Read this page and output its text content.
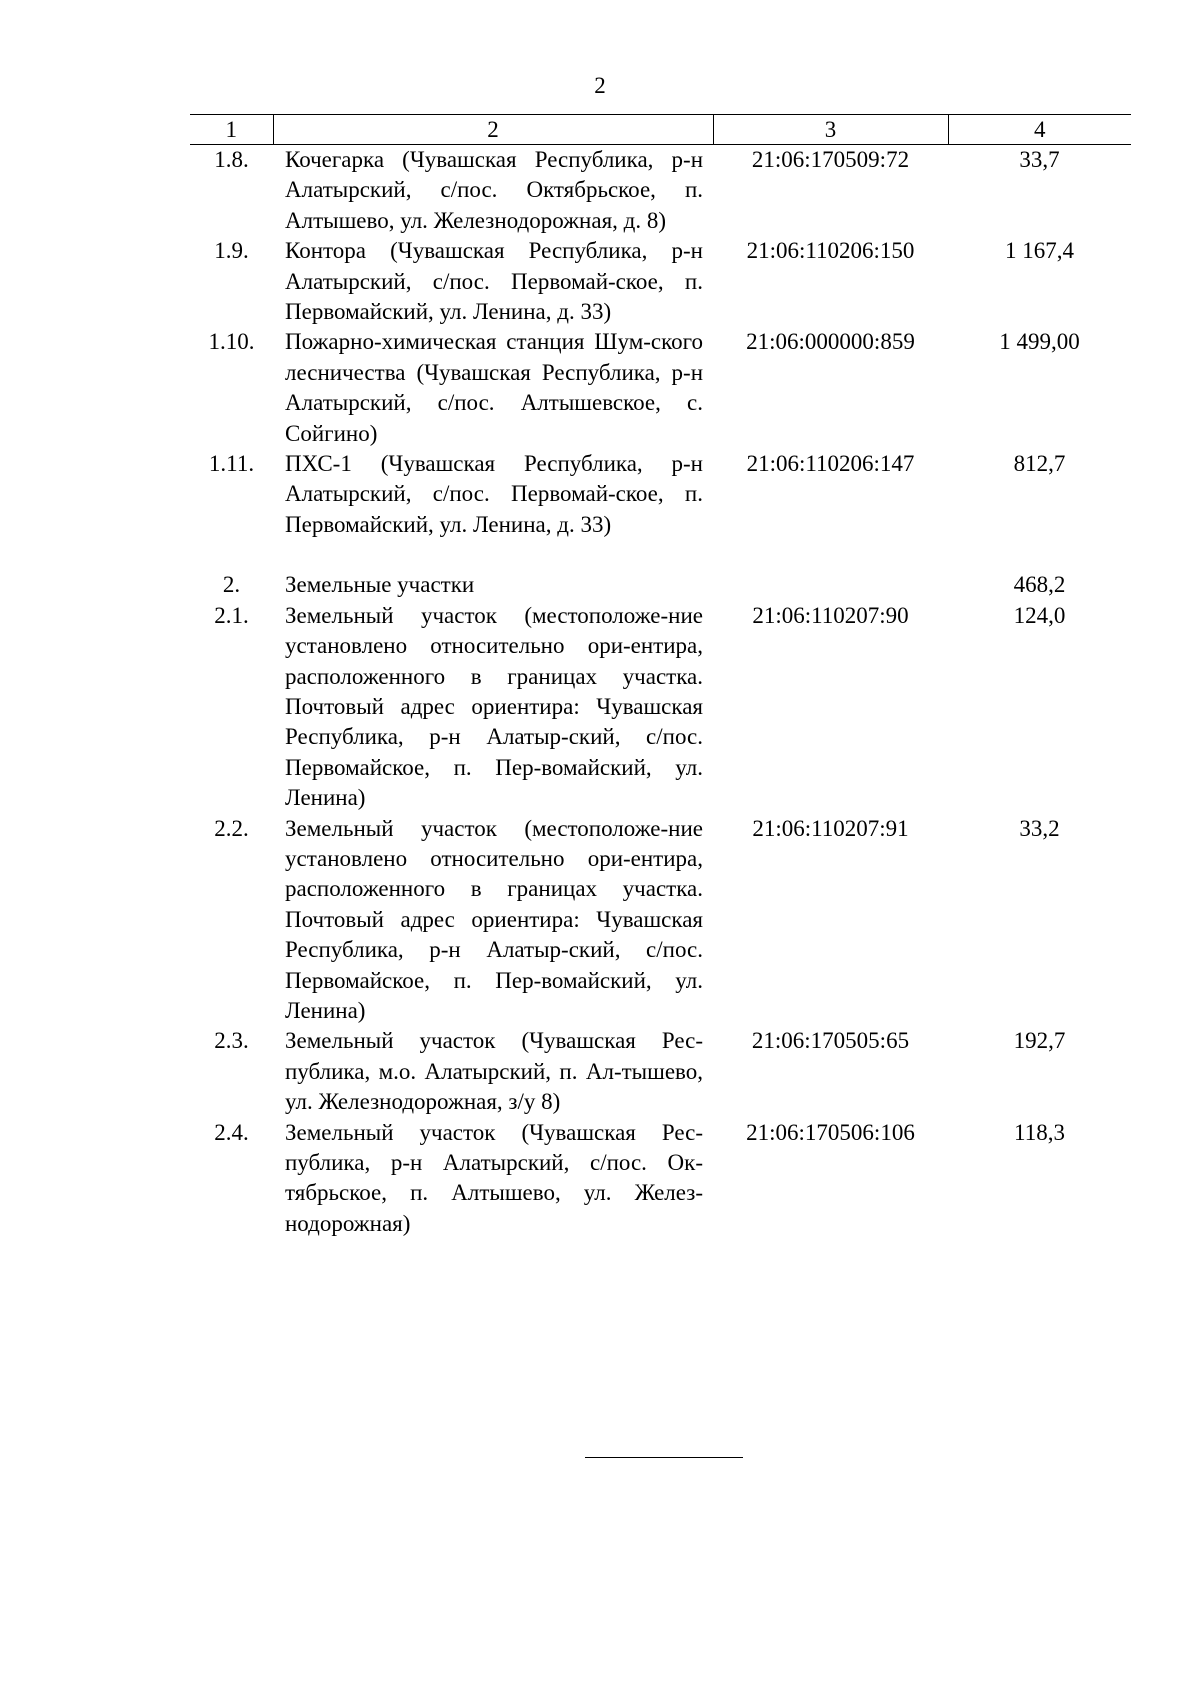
2
1	2	3	4
1.8.	Кочегарка (Чувашская Республика, р-н Алатырский, с/пос. Октябрьское, п. Алтышево, ул. Железнодорожная, д. 8)	21:06:170509:72	33,7
1.9.	Контора (Чувашская Республика, р-н Алатырский, с/пос. Первомай-ское, п. Первомайский, ул. Ленина, д. 33)	21:06:110206:150	1 167,4
1.10.	Пожарно-химическая станция Шум-ского лесничества (Чувашская Республика, р-н Алатырский, с/пос. Алтышевское, с. Сойгино)	21:06:000000:859	1 499,00
1.11.	ПХС-1 (Чувашская Республика, р-н Алатырский, с/пос. Первомай-ское, п. Первомайский, ул. Ленина, д. 33)	21:06:110206:147	812,7

2.	Земельные участки		468,2
2.1.	Земельный участок (местоположе-ние установлено относительно ори-ентира, расположенного в границах участка. Почтовый адрес ориентира: Чувашская Республика, р-н Алатыр-ский, с/пос. Первомайское, п. Пер-вомайский, ул. Ленина)	21:06:110207:90	124,0
2.2.	Земельный участок (местоположе-ние установлено относительно ори-ентира, расположенного в границах участка. Почтовый адрес ориентира: Чувашская Республика, р-н Алатыр-ский, с/пос. Первомайское, п. Пер-вомайский, ул. Ленина)	21:06:110207:91	33,2
2.3.	Земельный участок (Чувашская Рес-публика, м.о. Алатырский, п. Ал-тышево, ул. Железнодорожная, з/у 8)	21:06:170505:65	192,7
2.4.	Земельный участок (Чувашская Рес-публика, р-н Алатырский, с/пос. Ок-тябрьское, п. Алтышево, ул. Желез-нодорожная)	21:06:170506:106	118,3
